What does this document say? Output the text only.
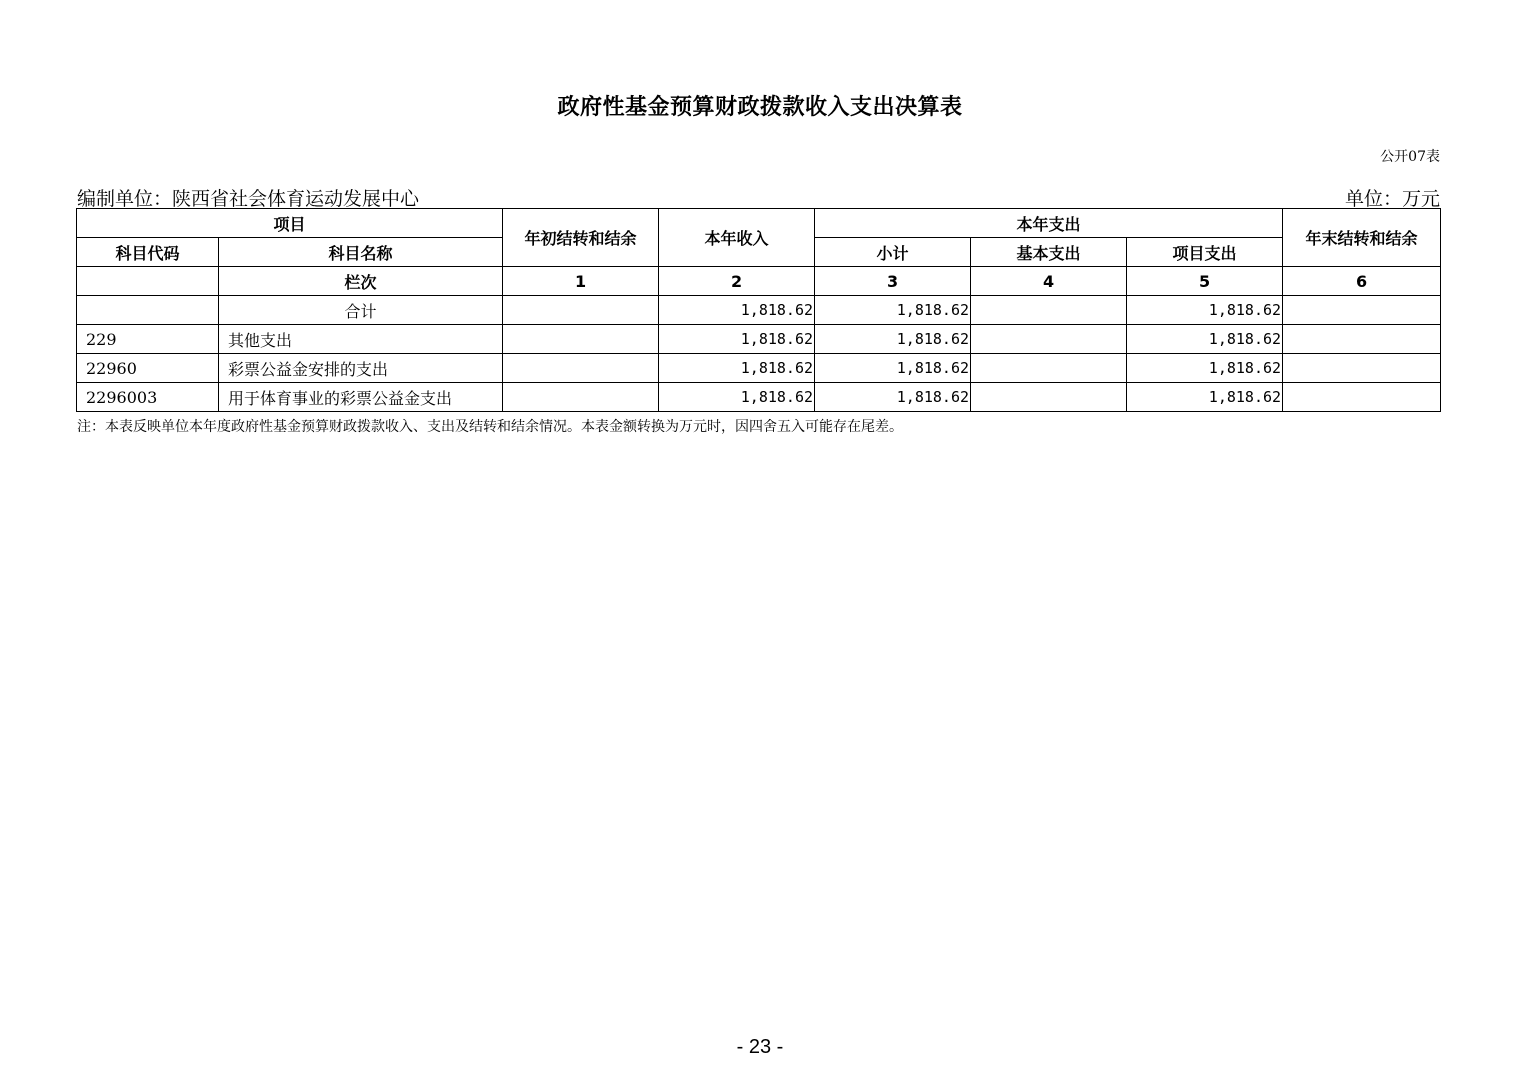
政府性基金预算财政拨款收入支出决算表
公开07表
编制单位：陕西省社会体育运动发展中心	单位：万元
项目		年初结转和结余	本年收入	本年支出			年末结转和结余
科目代码	科目名称			小计	基本支出	项目支出	
	栏次	1	2	3	4	5	6
	合计		1,818.62	1,818.62		1,818.62	
229	其他支出		1,818.62	1,818.62		1,818.62	
22960	彩票公益金安排的支出		1,818.62	1,818.62		1,818.62	
2296003	用于体育事业的彩票公益金支出		1,818.62	1,818.62		1,818.62	
注：本表反映单位本年度政府性基金预算财政拨款收入、支出及结转和结余情况。本表金额转换为万元时，因四舍五入可能存在尾差。
- 23 -
